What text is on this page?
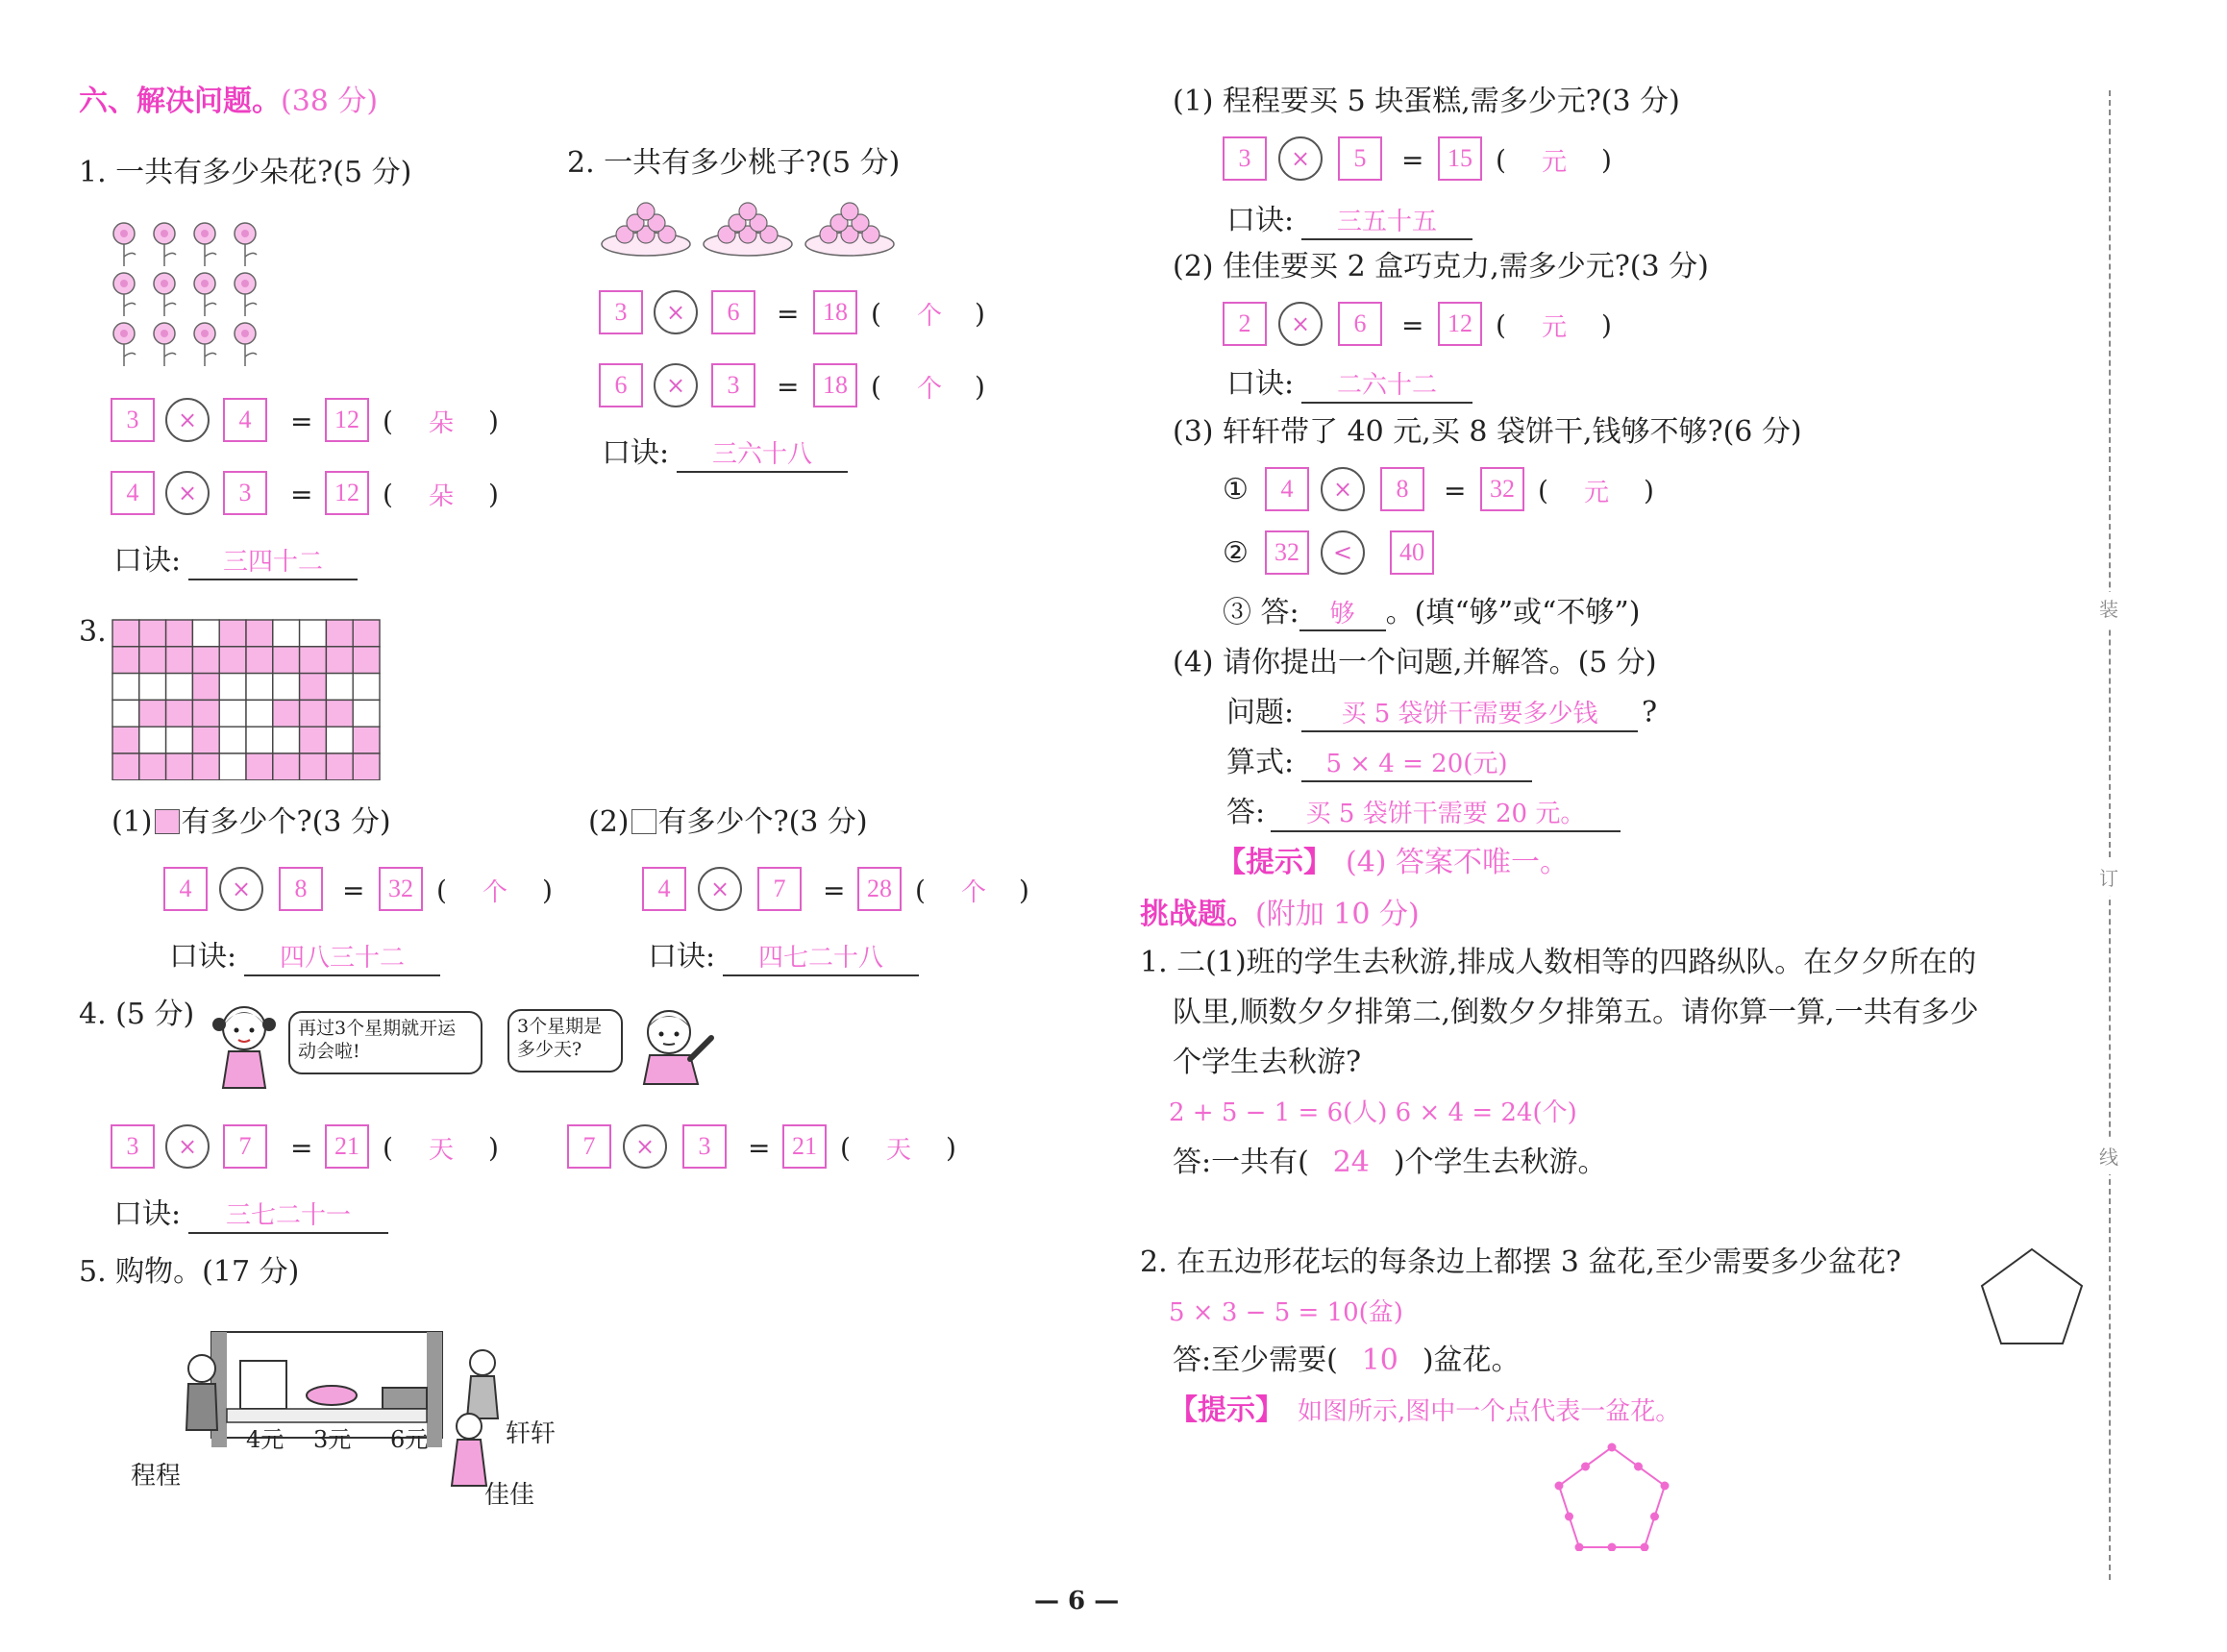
六、解决问题。(38 分)
1. 一共有多少朵花?(5 分)
3	×	4	= 12 ( 朵 )
4	×	3	= 12 ( 朵 )
口诀:	三四十二
2. 一共有多少桃子?(5 分)
3	×	6	= 18 ( 个 )
6	×	3	= 18 ( 个 )
口诀:	三六十八
3.
(1) 有多少个?(3 分)	(2) 有多少个?(3 分)
4	×	8	= 32 ( 个 )	4	×	7	= 28 ( 个 )
口诀:	四八三十二	口诀:	四七二十八
4. (5 分)	再过3个星期就开运动会啦!
3个星期是多少天?
3	×	7	= 21 ( 天 )	7	×	3	= 21 ( 天 )
口诀:	三七二十一
5. 购物。(17 分)
4元 3元 6元
程程
轩轩
佳佳
(1) 程程要买 5 块蛋糕,需多少元?(3 分)
3	×	5	= 15 ( 元 )
口诀:	三五十五
(2) 佳佳要买 2 盒巧克力,需多少元?(3 分)
2	×	6	= 12 ( 元 )
口诀:	二六十二
(3) 轩轩带了 40 元,买 8 袋饼干,钱够不够?(6 分)
①	4	×	8	= 32 ( 元 )
②	32	<	40
③ 答: 够 。(填“够”或“不够”)
(4) 请你提出一个问题,并解答。(5 分)
问题:	买 5 袋饼干需要多少钱	?
算式:	5 × 4 = 20(元)
答:	买 5 袋饼干需要 20 元。
【提示】 (4) 答案不唯一。
挑战题。(附加 10 分)
1. 二(1)班的学生去秋游,排成人数相等的四路纵队。在夕夕所在的
队里,顺数夕夕排第二,倒数夕夕排第五。请你算一算,一共有多少
个学生去秋游?
2 + 5 − 1 = 6(人) 6 × 4 = 24(个)
答:一共有( 24 )个学生去秋游。
2. 在五边形花坛的每条边上都摆 3 盆花,至少需要多少盆花?
5 × 3 − 5 = 10(盆)
答:至少需要( 10 )盆花。
【提示】 如图所示,图中一个点代表一盆花。
装
订
线
— 6 —
